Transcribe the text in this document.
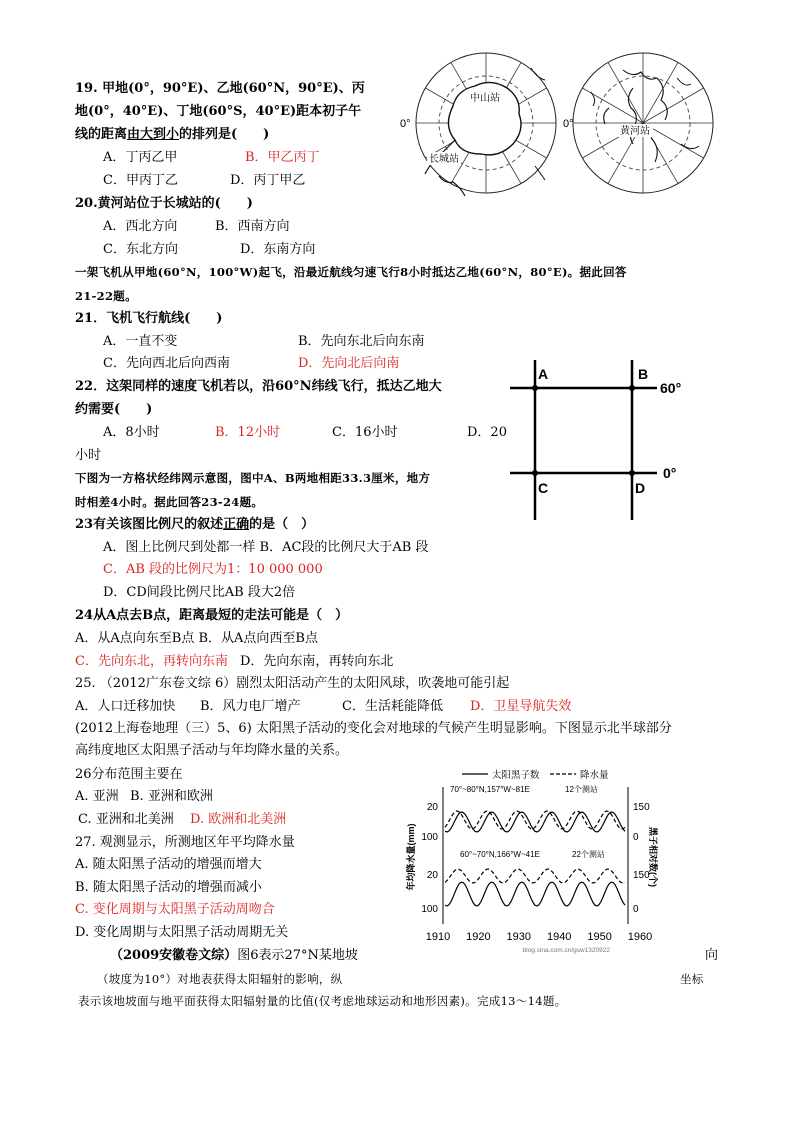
19. 甲地(0°，90°E)、乙地(60°N，90°E)、丙
地(0°，40°E)、丁地(60°S，40°E)距本初子午
线的距离由大到小的排列是(　　)
A．丁丙乙甲	B．甲乙丙丁
C．甲丙丁乙	D．丙丁甲乙
20.黄河站位于长城站的(　　)
A．西北方向	B．西南方向
C．东北方向	D．东南方向
一架飞机从甲地(60°N，100°W)起飞，沿最近航线匀速飞行8小时抵达乙地(60°N，80°E)。据此回答
21-22题。
21．飞机飞行航线(　　)
A．一直不变	B．先向东北后向东南
C．先向西北后向西南	D．先向北后向南
22．这架同样的速度飞机若以，沿60°N纬线飞行，抵达乙地大
约需要(　　)
A．8小时	B．12小时	C．16小时	D．20
小时
下图为一方格状经纬网示意图，图中A、B两地相距33.3厘米，地方
时相差4小时。据此回答23-24题。
23有关该图比例尺的叙述正确的是（　）
A．图上比例尺到处都一样 B．AC段的比例尺大于AB 段
C．AB 段的比例尺为1：10 000 000
D．CD间段比例尺比AB 段大2倍
24从A点去B点，距离最短的走法可能是（　）
A．从A点向东至B点 B．从A点向西至B点
C．先向东北，再转向东南 D．先向东南，再转向东北
25. （2012广东卷文综 6）剧烈太阳活动产生的太阳风球，吹袭地可能引起
A．人口迁移加快 B．风力电厂增产	C．生活耗能降低 D．卫星导航失效
(2012上海卷地理（三）5、6) 太阳黑子活动的变化会对地球的气候产生明显影响。下图显示北半球部分
高纬度地区太阳黑子活动与年均降水量的关系。
26分布范围主要在
A. 亚洲 B. 亚洲和欧洲
C. 亚洲和北美洲 D. 欧洲和北美洲
27. 观测显示，所测地区年平均降水量
A. 随太阳黑子活动的增强而增大
B. 随太阳黑子活动的增强而减小
C. 变化周期与太阳黑子活动周吻合
D. 变化周期与太阳黑子活动周期无关
（2009安徽卷文综）图6表示27°N某地坡	向
（坡度为10°）对地表获得太阳辐射的影响，纵	坐标
表示该地坡面与地平面获得太阳辐射量的比值(仅考虑地球运动和地形因素)。完成13～14题。
中山站
长城站
0°
黄河站
0°
A	B
C	D
60°
0°
太阳黑子数	降水量
70°~80°N,157°W~81E	12个测站
60°~70°N,166°W~41E	22个测站
20
100
20
100
150
0
150
0
年均降水量(mm)	黑子相对数(个)
1910 1920 1930 1940 1950 1960
blog.sina.com.cn/gsw1320922
